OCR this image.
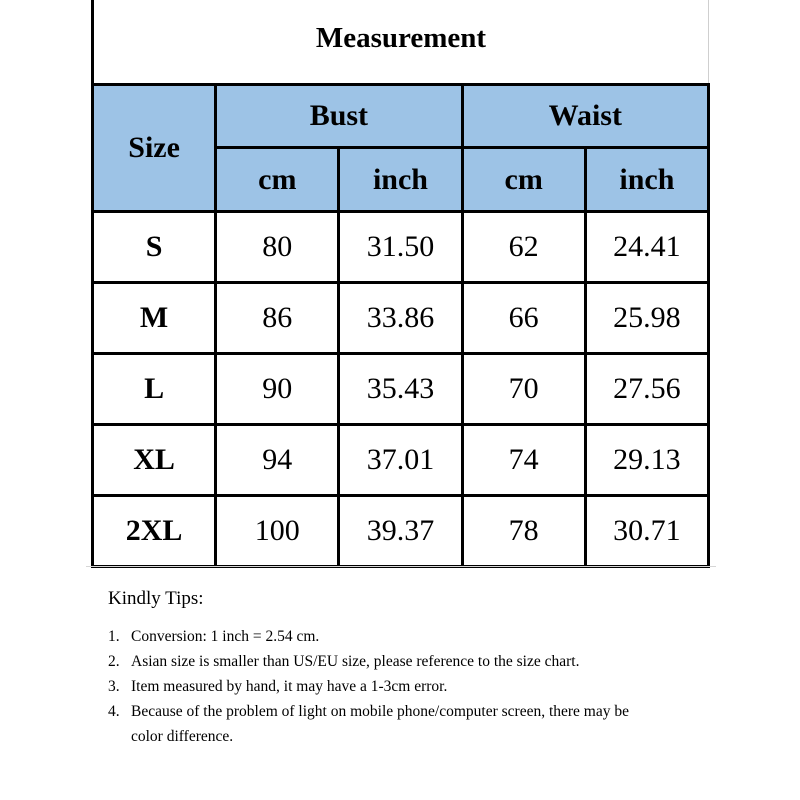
Measurement
Size	Bust		Waist	
	cm	inch	cm	inch
S	80	31.50	62	24.41
M	86	33.86	66	25.98
L	90	35.43	70	27.56
XL	94	37.01	74	29.13
2XL	100	39.37	78	30.71
Kindly Tips:
1. Conversion: 1 inch = 2.54 cm.
2. Asian size is smaller than US/EU size, please reference to the size chart.
3. Item measured by hand, it may have a 1-3cm error.
4. Because of the problem of light on mobile phone/computer screen, there may be color difference.
